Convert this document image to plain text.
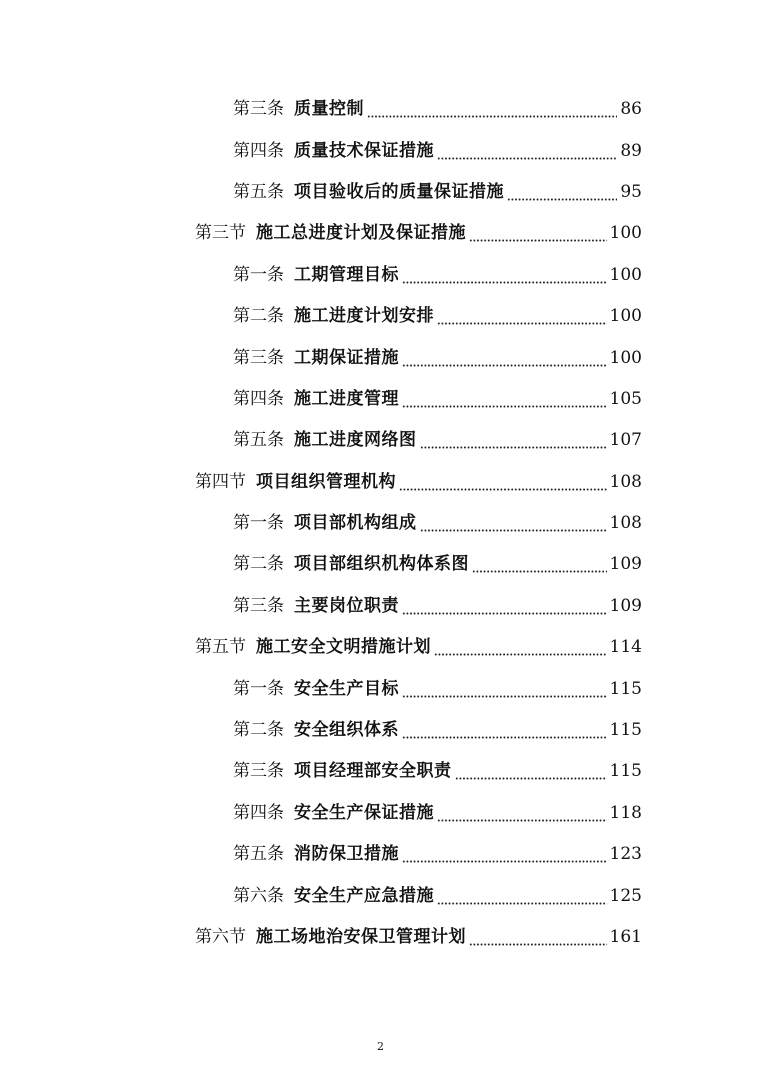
第三条 质量控制	86
第四条 质量技术保证措施	89
第五条 项目验收后的质量保证措施	95
第三节 施工总进度计划及保证措施	100
第一条 工期管理目标	100
第二条 施工进度计划安排	100
第三条 工期保证措施	100
第四条 施工进度管理	105
第五条 施工进度网络图	107
第四节 项目组织管理机构	108
第一条 项目部机构组成	108
第二条 项目部组织机构体系图	109
第三条 主要岗位职责	109
第五节 施工安全文明措施计划	114
第一条 安全生产目标	115
第二条 安全组织体系	115
第三条 项目经理部安全职责	115
第四条 安全生产保证措施	118
第五条 消防保卫措施	123
第六条 安全生产应急措施	125
第六节 施工场地治安保卫管理计划	161
2
